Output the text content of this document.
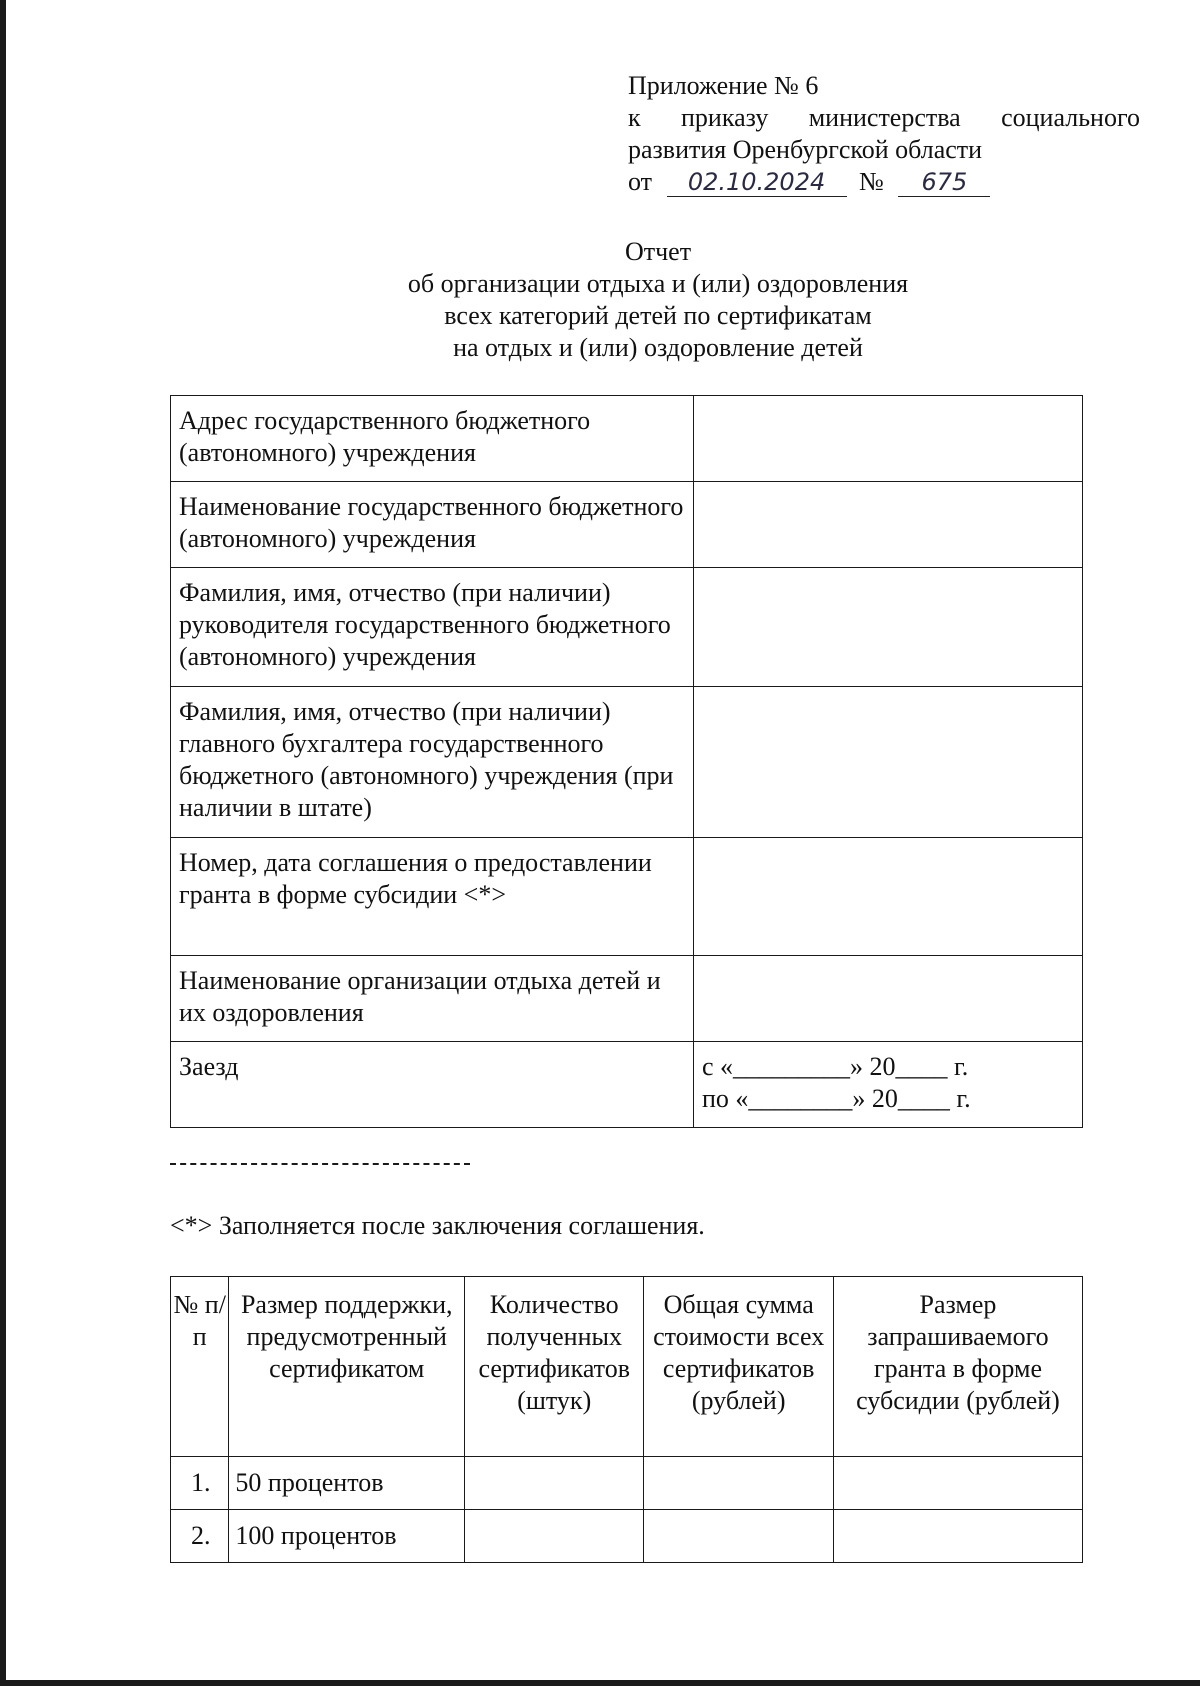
Приложение № 6
к приказу министерства социального
развития Оренбургской области
от 02.10.2024 № 675
Отчет
об организации отдыха и (или) оздоровления
всех категорий детей по сертификатам
на отдых и (или) оздоровление детей
Адрес государственного бюджетного (автономного) учреждения	
Наименование государственного бюджетного (автономного) учреждения	
Фамилия, имя, отчество (при наличии) руководителя государственного бюджетного (автономного) учреждения	
Фамилия, имя, отчество (при наличии) главного бухгалтера государственного бюджетного (автономного) учреждения (при наличии в штате)	
Номер, дата соглашения о предоставлении гранта в форме субсидии <*>	
Наименование организации отдыха детей и их оздоровления	
Заезд	с «_________» 20____ г.
по «________» 20____ г.
<*> Заполняется после заключения соглашения.
№ п/п	Размер поддержки, предусмотренный сертификатом	Количество полученных сертификатов (штук)	Общая сумма стоимости всех сертификатов (рублей)	Размер запрашиваемого гранта в форме субсидии (рублей)
1.	50 процентов			
2.	100 процентов			
